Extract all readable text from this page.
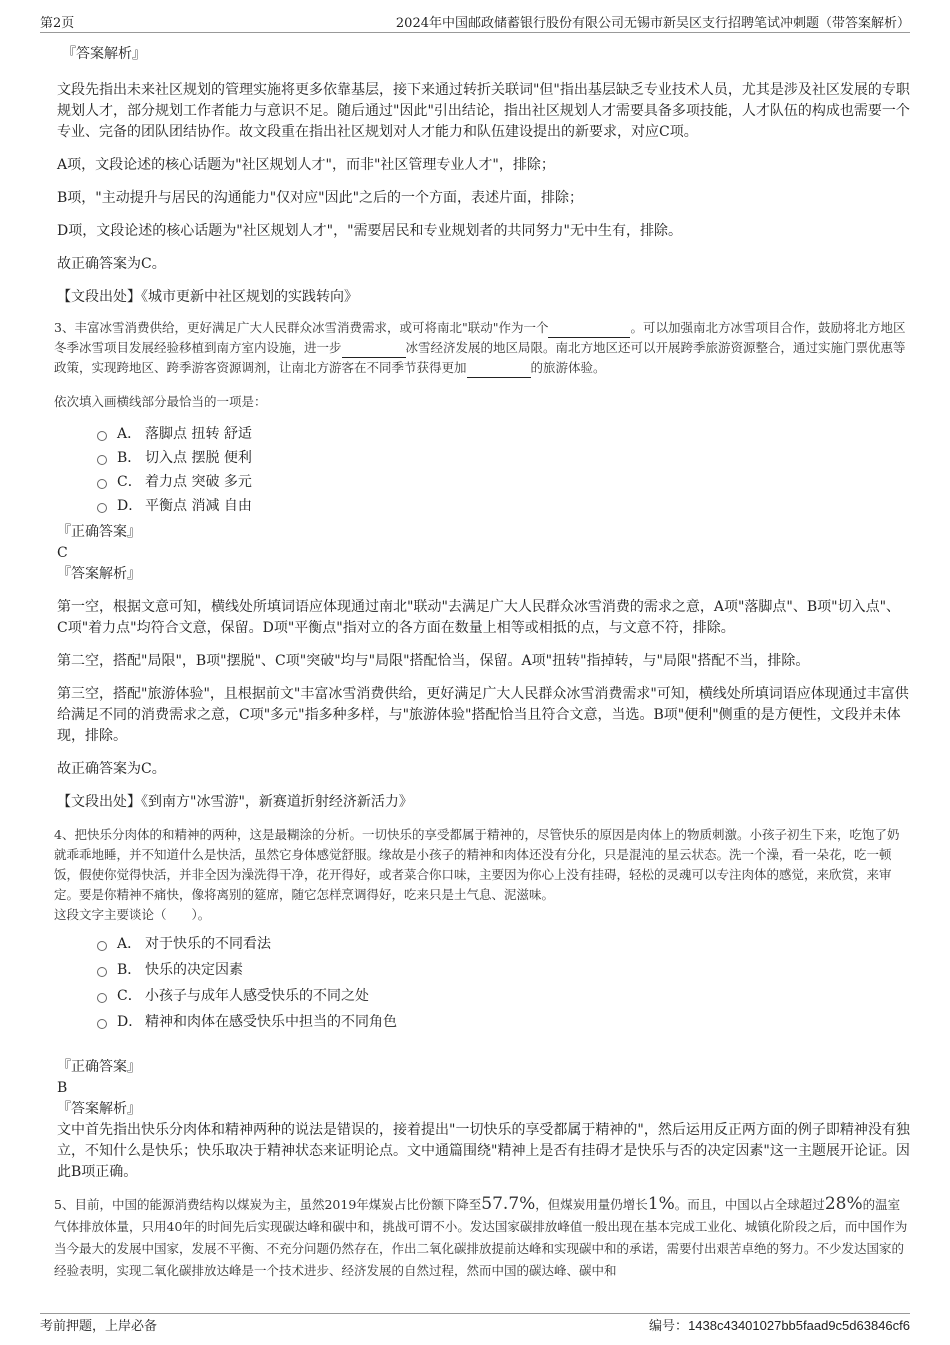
第2页	2024年中国邮政储蓄银行股份有限公司无锡市新吴区支行招聘笔试冲刺题（带答案解析）
『答案解析』

文段先指出未来社区规划的管理实施将更多依靠基层，接下来通过转折关联词"但"指出基层缺乏专业技术人员，尤其是涉及社区发展的专职规划人才，部分规划工作者能力与意识不足。随后通过"因此"引出结论，指出社区规划人才需要具备多项技能，人才队伍的构成也需要一个专业、完备的团队团结协作。故文段重在指出社区规划对人才能力和队伍建设提出的新要求，对应C项。

A项，文段论述的核心话题为"社区规划人才"，而非"社区管理专业人才"，排除；

B项，"主动提升与居民的沟通能力"仅对应"因此"之后的一个方面，表述片面，排除；

D项，文段论述的核心话题为"社区规划人才"，"需要居民和专业规划者的共同努力"无中生有，排除。

故正确答案为C。

【文段出处】《城市更新中社区规划的实践转向》

3、丰富冰雪消费供给，更好满足广大人民群众冰雪消费需求，或可将南北"联动"作为一个	。可以加强南北方冰雪项目合作，鼓励将北方地区冬季冰雪项目发展经验移植到南方室内设施，进一步	冰雪经济发展的地区局限。南北方地区还可以开展跨季旅游资源整合，通过实施门票优惠等政策，实现跨地区、跨季游客资源调剂，让南北方游客在不同季节获得更加	的旅游体验。

依次填入画横线部分最恰当的一项是：

A． 落脚点 扭转 舒适
B． 切入点 摆脱 便利
C． 着力点 突破 多元
D． 平衡点 消减 自由
『正确答案』
C
『答案解析』

第一空，根据文意可知，横线处所填词语应体现通过南北"联动"去满足广大人民群众冰雪消费的需求之意，A项"落脚点"、B项"切入点"、C项"着力点"均符合文意，保留。D项"平衡点"指对立的各方面在数量上相等或相抵的点，与文意不符，排除。

第二空，搭配"局限"，B项"摆脱"、C项"突破"均与"局限"搭配恰当，保留。A项"扭转"指掉转，与"局限"搭配不当，排除。

第三空，搭配"旅游体验"，且根据前文"丰富冰雪消费供给，更好满足广大人民群众冰雪消费需求"可知，横线处所填词语应体现通过丰富供给满足不同的消费需求之意，C项"多元"指多种多样，与"旅游体验"搭配恰当且符合文意，当选。B项"便利"侧重的是方便性，文段并未体现，排除。

故正确答案为C。

【文段出处】《到南方"冰雪游"，新赛道折射经济新活力》

4、把快乐分肉体的和精神的两种，这是最糊涂的分析。一切快乐的享受都属于精神的，尽管快乐的原因是肉体上的物质刺激。小孩子初生下来，吃饱了奶就乖乖地睡，并不知道什么是快活，虽然它身体感觉舒服。缘故是小孩子的精神和肉体还没有分化，只是混沌的星云状态。洗一个澡，看一朵花，吃一顿饭，假使你觉得快活，并非全因为澡洗得干净，花开得好，或者菜合你口味，主要因为你心上没有挂碍，轻松的灵魂可以专注肉体的感觉，来欣赏，来审定。要是你精神不痛快，像将离别的筵席，随它怎样烹调得好，吃来只是土气息、泥滋味。

这段文字主要谈论（　　）。

A． 对于快乐的不同看法
B． 快乐的决定因素
C． 小孩子与成年人感受快乐的不同之处
D． 精神和肉体在感受快乐中担当的不同角色
『正确答案』
B
『答案解析』

文中首先指出快乐分肉体和精神两种的说法是错误的，接着提出"一切快乐的享受都属于精神的"，然后运用反正两方面的例子即精神没有独立，不知什么是快乐；快乐取决于精神状态来证明论点。文中通篇围绕"精神上是否有挂碍才是快乐与否的决定因素"这一主题展开论证。因此B项正确。

5、目前，中国的能源消费结构以煤炭为主，虽然2019年煤炭占比份额下降至57.7%，但煤炭用量仍增长1%。而且，中国以占全球超过28%的温室气体排放体量，只用40年的时间先后实现碳达峰和碳中和，挑战可谓不小。发达国家碳排放峰值一般出现在基本完成工业化、城镇化阶段之后，而中国作为当今最大的发展中国家，发展不平衡、不充分问题仍然存在，作出二氧化碳排放提前达峰和实现碳中和的承诺，需要付出艰苦卓绝的努力。不少发达国家的经验表明，实现二氧化碳排放达峰是一个技术进步、经济发展的自然过程，然而中国的碳达峰、碳中和

考前押题，上岸必备	编号：1438c43401027bb5faad9c5d63846cf6
